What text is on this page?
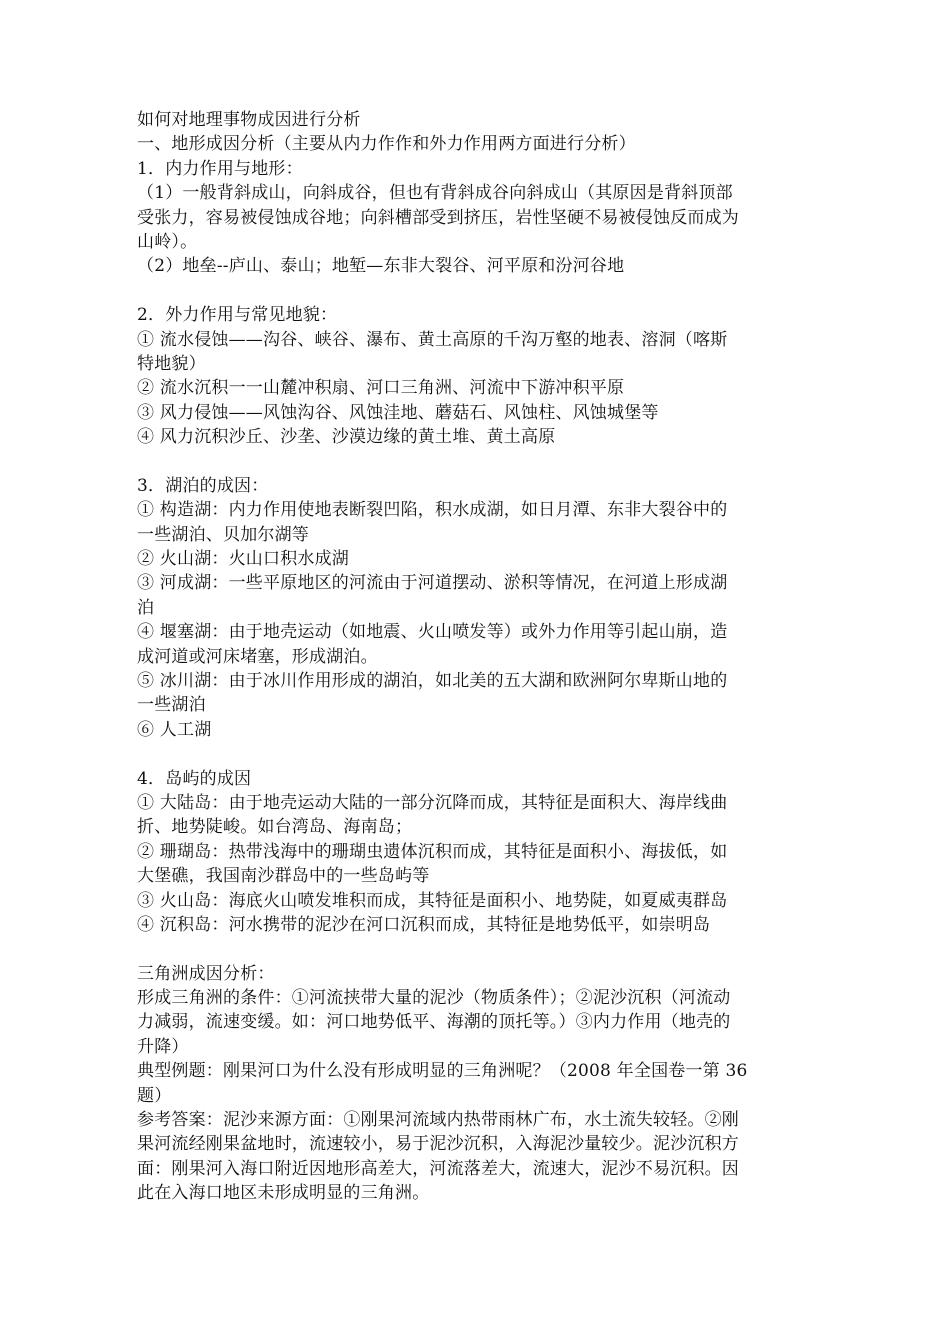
如何对地理事物成因进行分析
一、地形成因分析（主要从内力作作和外力作用两方面进行分析）
1．内力作用与地形：
（1）一般背斜成山，向斜成谷，但也有背斜成谷向斜成山（其原因是背斜顶部
受张力，容易被侵蚀成谷地；向斜槽部受到挤压，岩性坚硬不易被侵蚀反而成为
山岭）。
（2）地垒--庐山、泰山；地堑—东非大裂谷、河平原和汾河谷地
2．外力作用与常见地貌：
① 流水侵蚀——沟谷、峡谷、瀑布、黄土高原的千沟万壑的地表、溶洞（喀斯
特地貌）
② 流水沉积一一山麓冲积扇、河口三角洲、河流中下游冲积平原
③ 风力侵蚀——风蚀沟谷、风蚀洼地、蘑菇石、风蚀柱、风蚀城堡等
④ 风力沉积沙丘、沙垄、沙漠边缘的黄土堆、黄土高原
3．湖泊的成因：
① 构造湖：内力作用使地表断裂凹陷，积水成湖，如日月潭、东非大裂谷中的
一些湖泊、贝加尔湖等
② 火山湖：火山口积水成湖
③ 河成湖：一些平原地区的河流由于河道摆动、淤积等情况，在河道上形成湖
泊
④ 堰塞湖：由于地壳运动（如地震、火山喷发等）或外力作用等引起山崩，造
成河道或河床堵塞，形成湖泊。
⑤ 冰川湖：由于冰川作用形成的湖泊，如北美的五大湖和欧洲阿尔卑斯山地的
一些湖泊
⑥ 人工湖
4．岛屿的成因
① 大陆岛：由于地壳运动大陆的一部分沉降而成，其特征是面积大、海岸线曲
折、地势陡峻。如台湾岛、海南岛；
② 珊瑚岛：热带浅海中的珊瑚虫遗体沉积而成，其特征是面积小、海拔低，如
大堡礁，我国南沙群岛中的一些岛屿等
③ 火山岛：海底火山喷发堆积而成，其特征是面积小、地势陡，如夏威夷群岛
④ 沉积岛：河水携带的泥沙在河口沉积而成，其特征是地势低平，如崇明岛
三角洲成因分析：
形成三角洲的条件：①河流挟带大量的泥沙（物质条件）；②泥沙沉积（河流动
力减弱，流速变缓。如：河口地势低平、海潮的顶托等。）③内力作用（地壳的
升降）
典型例题：刚果河口为什么没有形成明显的三角洲呢？（2008 年全国卷一第 36
题）
参考答案：泥沙来源方面：①刚果河流域内热带雨林广布，水土流失较轻。②刚
果河流经刚果盆地时，流速较小，易于泥沙沉积，入海泥沙量较少。泥沙沉积方
面：刚果河入海口附近因地形高差大，河流落差大，流速大，泥沙不易沉积。因
此在入海口地区未形成明显的三角洲。
